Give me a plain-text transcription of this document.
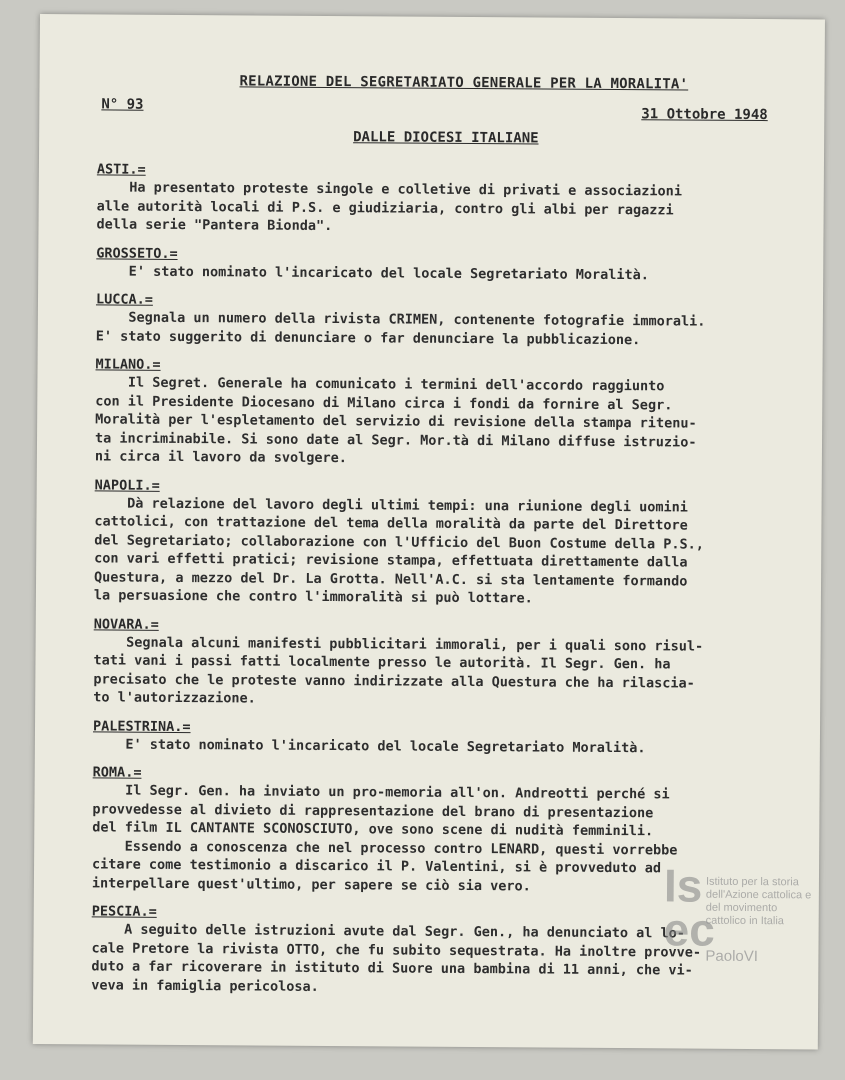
RELAZIONE DEL SEGRETARIATO GENERALE PER LA MORALITA'
N° 93
31 Ottobre 1948
DALLE DIOCESI ITALIANE
ASTI.=
Ha presentato proteste singole e colletive di privati e associazioni
alle autorità locali di P.S. e giudiziaria, contro gli albi per ragazzi
della serie "Pantera Bionda".
GROSSETO.=
E' stato nominato l'incaricato del locale Segretariato Moralità.
LUCCA.=
Segnala un numero della rivista CRIMEN, contenente fotografie immorali.
E' stato suggerito di denunciare o far denunciare la pubblicazione.
MILANO.=
Il Segret. Generale ha comunicato i termini dell'accordo raggiunto
con il Presidente Diocesano di Milano circa i fondi da fornire al Segr.
Moralità per l'espletamento del servizio di revisione della stampa ritenu-
ta incriminabile. Si sono date al Segr. Mor.tà di Milano diffuse istruzio-
ni circa il lavoro da svolgere.
NAPOLI.=
Dà relazione del lavoro degli ultimi tempi: una riunione degli uomini
cattolici, con trattazione del tema della moralità da parte del Direttore
del Segretariato; collaborazione con l'Ufficio del Buon Costume della P.S.,
con vari effetti pratici; revisione stampa, effettuata direttamente dalla
Questura, a mezzo del Dr. La Grotta. Nell'A.C. si sta lentamente formando
la persuasione che contro l'immoralità si può lottare.
NOVARA.=
Segnala alcuni manifesti pubblicitari immorali, per i quali sono risul-
tati vani i passi fatti localmente presso le autorità. Il Segr. Gen. ha
precisato che le proteste vanno indirizzate alla Questura che ha rilascia-
to l'autorizzazione.
PALESTRINA.=
E' stato nominato l'incaricato del locale Segretariato Moralità.
ROMA.=
Il Segr. Gen. ha inviato un pro-memoria all'on. Andreotti perché si
provvedesse al divieto di rappresentazione del brano di presentazione
del film IL CANTANTE SCONOSCIUTO, ove sono scene di nudità femminili.
Essendo a conoscenza che nel processo contro LENARD, questi vorrebbe
citare come testimonio a discarico il P. Valentini, si è provveduto ad
interpellare quest'ultimo, per sapere se ciò sia vero.
PESCIA.=
A seguito delle istruzioni avute dal Segr. Gen., ha denunciato al lo-
cale Pretore la rivista OTTO, che fu subito sequestrata. Ha inoltre provve-
duto a far ricoverare in istituto di Suore una bambina di 11 anni, che vi-
veva in famiglia pericolosa.
Is
ec
Istituto per la storia dell'Azione cattolica e del movimento cattolico in Italia
PaoloVI
